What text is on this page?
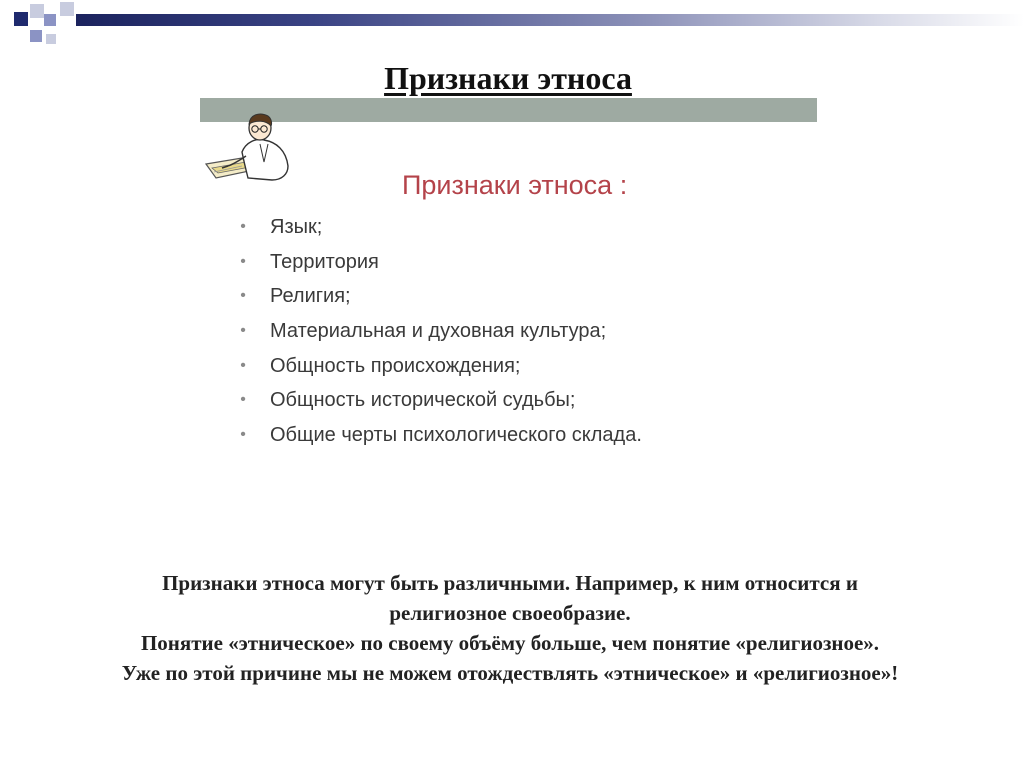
Признаки этноса
Признаки этноса :
• Язык;
• Территория
• Религия;
• Материальная и духовная культура;
• Общность происхождения;
• Общность исторической судьбы;
• Общие черты психологического склада.
Признаки этноса могут быть различными. Например, к ним относится и
религиозное своеобразие.
Понятие «этническое» по своему объёму больше, чем понятие «религиозное».
Уже по этой причине мы не можем отождествлять «этническое» и «религиозное»!
